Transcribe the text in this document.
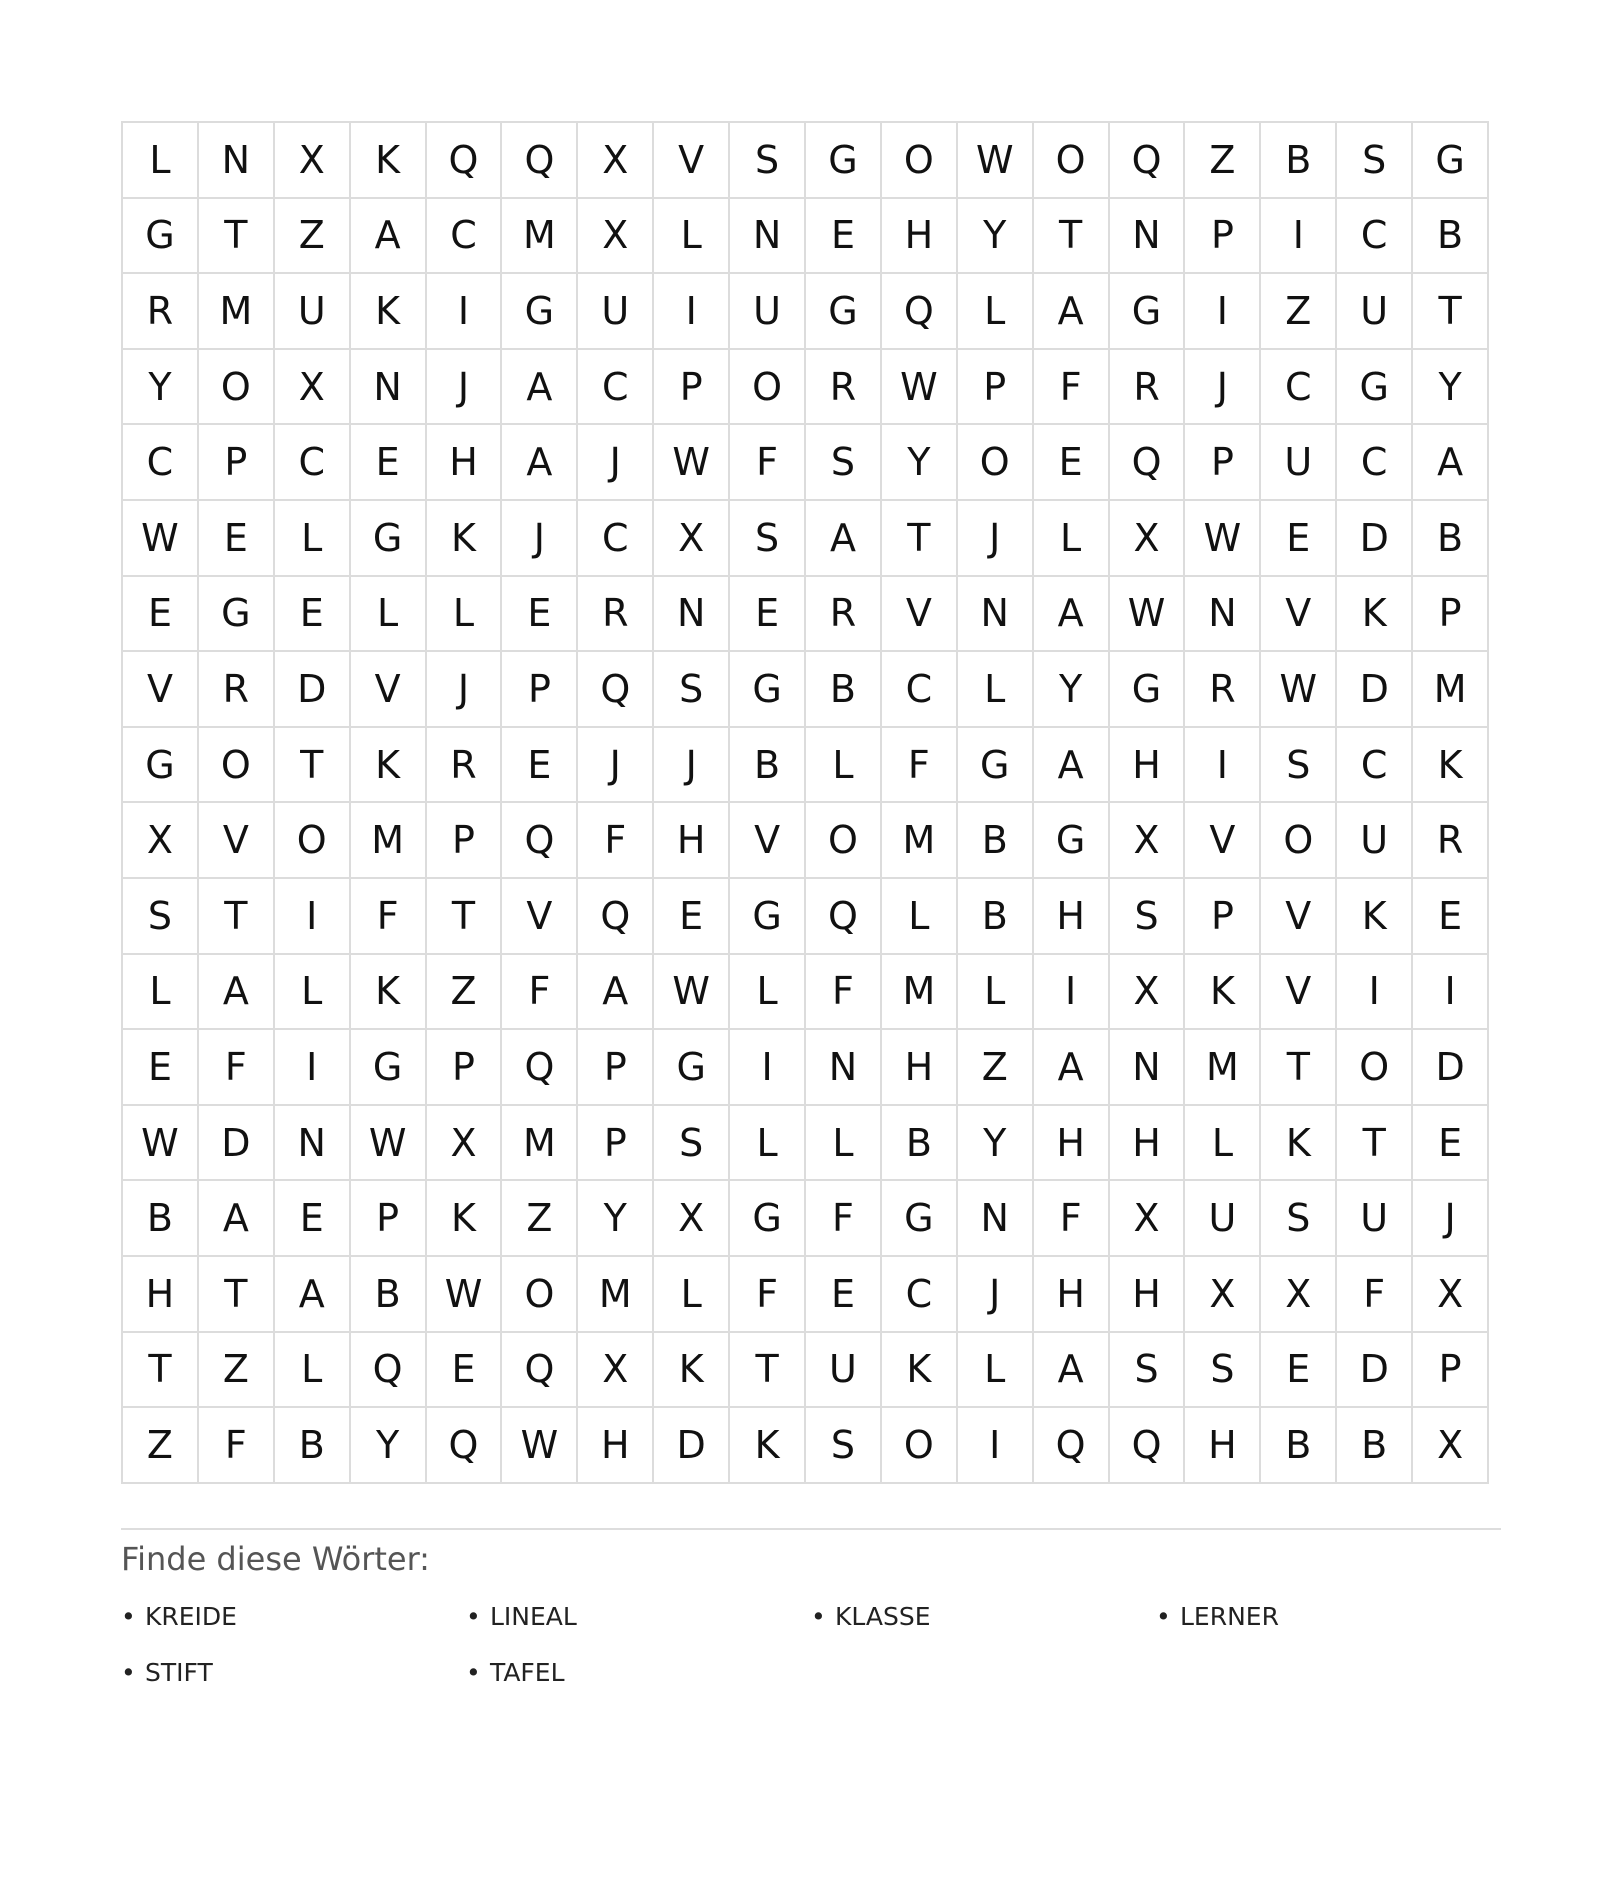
L	N	X	K	Q	Q	X	V	S	G	O	W	O	Q	Z	B	S	G
G	T	Z	A	C	M	X	L	N	E	H	Y	T	N	P	I	C	B
R	M	U	K	I	G	U	I	U	G	Q	L	A	G	I	Z	U	T
Y	O	X	N	J	A	C	P	O	R	W	P	F	R	J	C	G	Y
C	P	C	E	H	A	J	W	F	S	Y	O	E	Q	P	U	C	A
W	E	L	G	K	J	C	X	S	A	T	J	L	X	W	E	D	B
E	G	E	L	L	E	R	N	E	R	V	N	A	W	N	V	K	P
V	R	D	V	J	P	Q	S	G	B	C	L	Y	G	R	W	D	M
G	O	T	K	R	E	J	J	B	L	F	G	A	H	I	S	C	K
X	V	O	M	P	Q	F	H	V	O	M	B	G	X	V	O	U	R
S	T	I	F	T	V	Q	E	G	Q	L	B	H	S	P	V	K	E
L	A	L	K	Z	F	A	W	L	F	M	L	I	X	K	V	I	I
E	F	I	G	P	Q	P	G	I	N	H	Z	A	N	M	T	O	D
W	D	N	W	X	M	P	S	L	L	B	Y	H	H	L	K	T	E
B	A	E	P	K	Z	Y	X	G	F	G	N	F	X	U	S	U	J
H	T	A	B	W	O	M	L	F	E	C	J	H	H	X	X	F	X
T	Z	L	Q	E	Q	X	K	T	U	K	L	A	S	S	E	D	P
Z	F	B	Y	Q	W	H	D	K	S	O	I	Q	Q	H	B	B	X
Finde diese Wörter:
• KREIDE	• LINEAL	• KLASSE	• LERNER
• STIFT	• TAFEL
